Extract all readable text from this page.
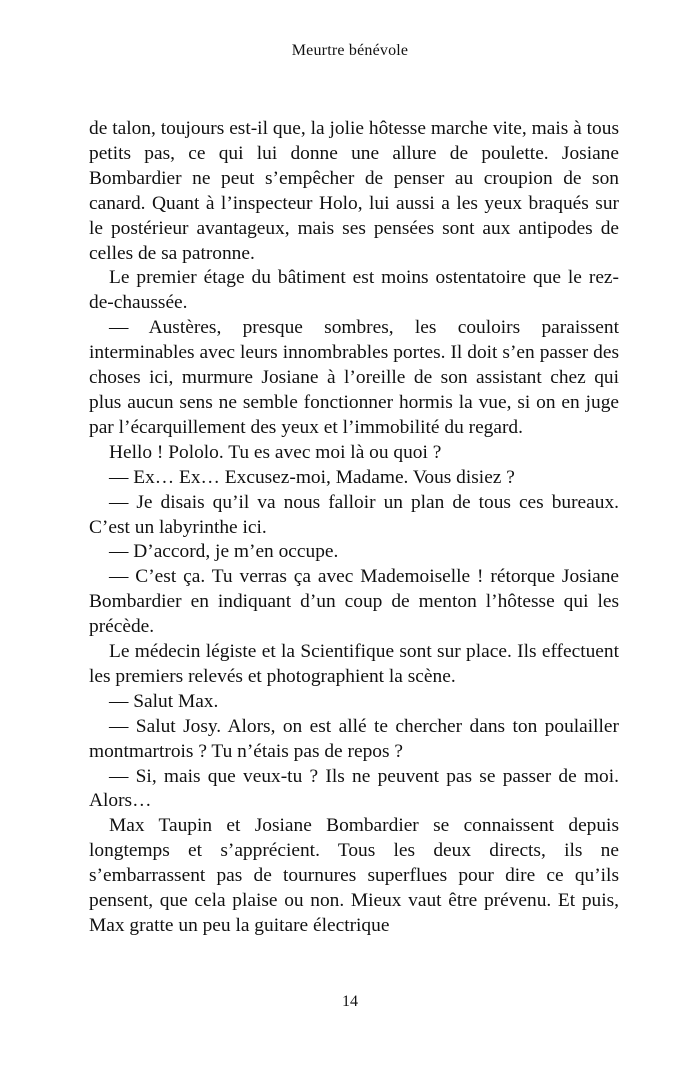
Meurtre bénévole

de talon, toujours est-il que, la jolie hôtesse marche vite, mais à tous petits pas, ce qui lui donne une allure de poulette. Josiane Bombardier ne peut s’empêcher de penser au croupion de son canard. Quant à l’inspecteur Holo, lui aussi a les yeux braqués sur le postérieur avantageux, mais ses pensées sont aux antipodes de celles de sa patronne.

Le premier étage du bâtiment est moins ostentatoire que le rez-de-chaussée.

— Austères, presque sombres, les couloirs paraissent interminables avec leurs innombrables portes. Il doit s’en passer des choses ici, murmure Josiane à l’oreille de son assistant chez qui plus aucun sens ne semble fonctionner hormis la vue, si on en juge par l’écarquillement des yeux et l’immobilité du regard.

Hello ! Pololo. Tu es avec moi là ou quoi ?

— Ex… Ex… Excusez-moi, Madame. Vous disiez ?

— Je disais qu’il va nous falloir un plan de tous ces bureaux. C’est un labyrinthe ici.

— D’accord, je m’en occupe.

— C’est ça. Tu verras ça avec Mademoiselle ! rétorque Josiane Bombardier en indiquant d’un coup de menton l’hôtesse qui les précède.

Le médecin légiste et la Scientifique sont sur place. Ils effectuent les premiers relevés et photographient la scène.

— Salut Max.

— Salut Josy. Alors, on est allé te chercher dans ton poulailler montmartrois ? Tu n’étais pas de repos ?

— Si, mais que veux-tu ? Ils ne peuvent pas se passer de moi. Alors…

Max Taupin et Josiane Bombardier se connaissent depuis longtemps et s’apprécient. Tous les deux directs, ils ne s’embarrassent pas de tournures superflues pour dire ce qu’ils pensent, que cela plaise ou non. Mieux vaut être prévenu. Et puis, Max gratte un peu la guitare électrique

14
